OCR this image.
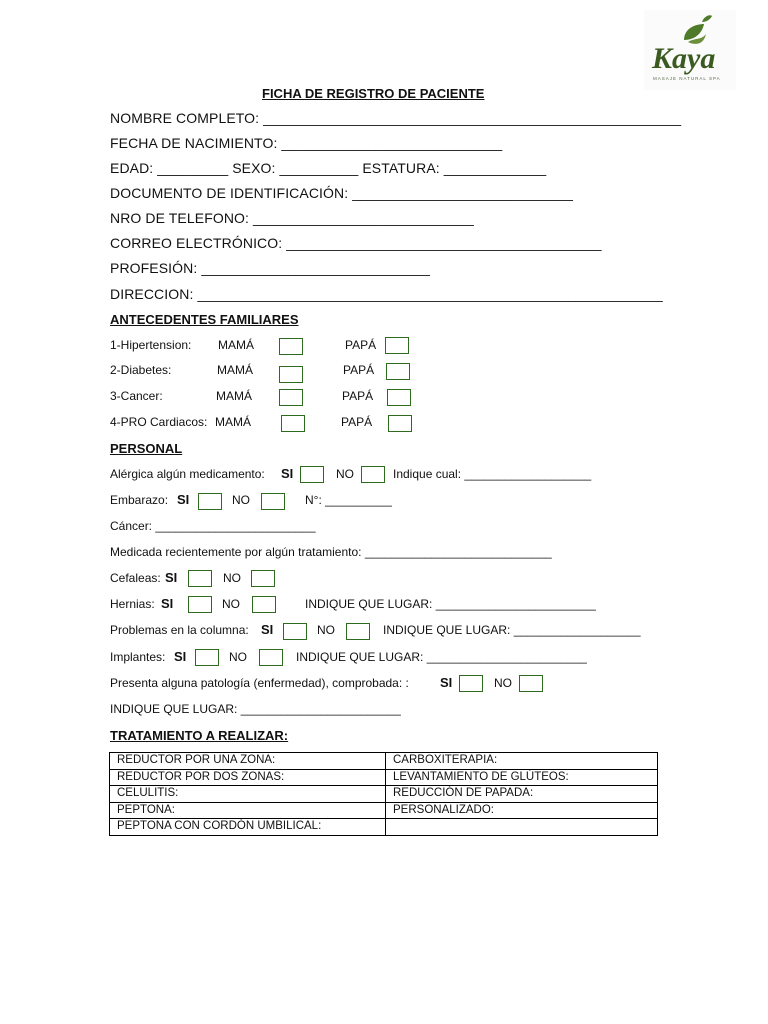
Kaya
MASAJE NATURAL SPA
FICHA DE REGISTRO DE PACIENTE
NOMBRE COMPLETO: _____________________________________________________
FECHA DE NACIMIENTO: ____________________________
EDAD: _________ SEXO: __________ ESTATURA: _____________
DOCUMENTO DE IDENTIFICACIÓN: ____________________________
NRO DE TELEFONO: ____________________________
CORREO ELECTRÓNICO: ________________________________________
PROFESIÓN: _____________________________
DIRECCION: ___________________________________________________________
ANTECEDENTES FAMILIARES
1-Hipertension: MAMÁ	PAPÁ
2-Diabetes:	MAMÁ	PAPÁ
3-Cancer:	MAMÁ	PAPÁ
4-PRO Cardiacos: MAMÁ	PAPÁ
PERSONAL
Alérgica algún medicamento: SI	NO	Indique cual: ___________________
Embarazo: SI	NO	N°: __________
Cáncer: ________________________
Medicada recientemente por algún tratamiento: ____________________________
Cefaleas: SI	NO
Hernias: SI	NO	INDIQUE QUE LUGAR: ________________________
Problemas en la columna: SI	NO	INDIQUE QUE LUGAR: ___________________
Implantes: SI	NO	INDIQUE QUE LUGAR: ________________________
Presenta alguna patología (enfermedad), comprobada: : SI	NO
INDIQUE QUE LUGAR: ________________________
TRATAMIENTO A REALIZAR:
REDUCTOR POR UNA ZONA:	CARBOXITERAPIA:
REDUCTOR POR DOS ZONAS:	LEVANTAMIENTO DE GLÚTEOS:
CELULITIS:	REDUCCIÓN DE PAPADA:
PEPTONA:	PERSONALIZADO:
PEPTONA CON CORDÓN UMBILICAL:	
